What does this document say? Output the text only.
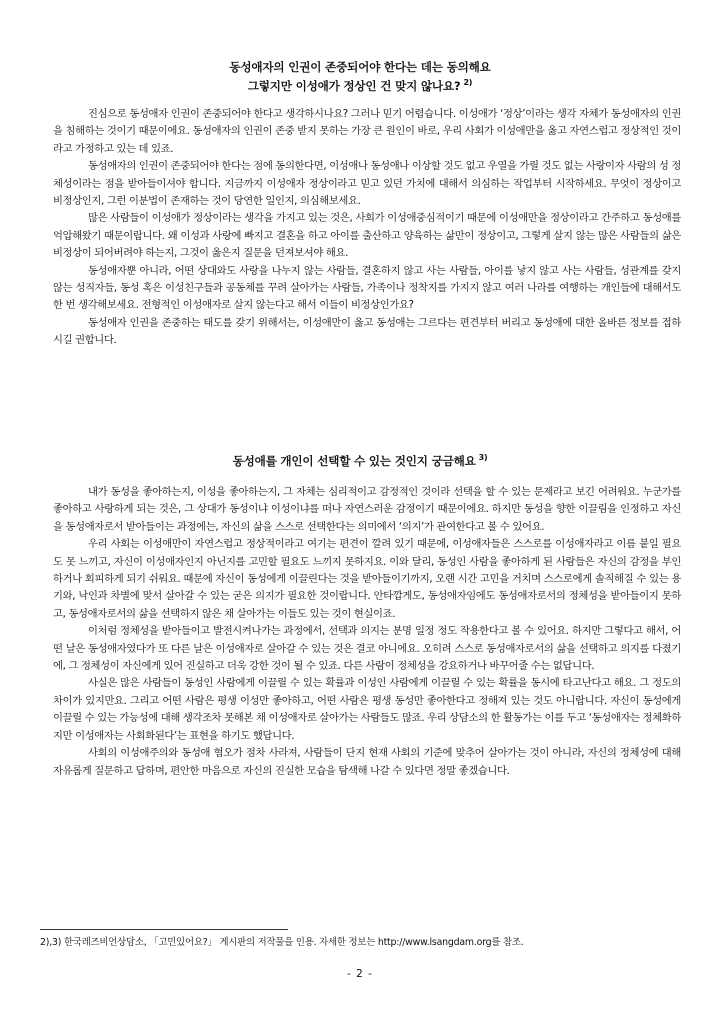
동성애자의 인권이 존중되어야 한다는 데는 동의해요
그렇지만 이성애가 정상인 건 맞지 않나요? $^{2)}$

진심으로 동성애자 인권이 존중되어야 한다고 생각하시나요? 그러나 믿기 어렵습니다. 이성애가 ‘정상’이라는 생각 자체가 동성애자의 인권을 침해하는 것이기 때문이에요. 동성애자의 인권이 존중 받지 못하는 가장 큰 원인이 바로, 우리 사회가 이성애만을 옳고 자연스럽고 정상적인 것이라고 가정하고 있는 데 있죠.

동성애자의 인권이 존중되어야 한다는 점에 동의한다면, 이성애나 동성애나 이상할 것도 없고 우열을 가릴 것도 없는 사랑이자 사람의 성 정체성이라는 점을 받아들이셔야 합니다. 지금까지 이성애자 정상이라고 믿고 있던 가치에 대해서 의심하는 작업부터 시작하세요. 무엇이 정상이고 비정상인지, 그런 이분법이 존재하는 것이 당연한 일인지, 의심해보세요.

많은 사람들이 이성애가 정상이라는 생각을 가지고 있는 것은, 사회가 이성애중심적이기 때문에 이성애만을 정상이라고 간주하고 동성애를 억압해왔기 때문이랍니다. 왜 이성과 사랑에 빠지고 결혼을 하고 아이를 출산하고 양육하는 삶만이 정상이고, 그렇게 살지 않는 많은 사람들의 삶은 비정상이 되어버려야 하는지, 그것이 옳은지 질문을 던져보셔야 해요.

동성애자뿐 아니라, 어떤 상대와도 사랑을 나누지 않는 사람들, 결혼하지 않고 사는 사람들, 아이를 낳지 않고 사는 사람들, 성관계를 갖지 않는 성직자들, 동성 혹은 이성친구들과 공동체를 꾸려 살아가는 사람들, 가족이나 정착지를 가지지 않고 여러 나라를 여행하는 개인들에 대해서도 한 번 생각해보세요. 전형적인 이성애자로 살지 않는다고 해서 이들이 비정상인가요?

동성애자 인권을 존중하는 태도를 갖기 위해서는, 이성애만이 옳고 동성애는 그르다는 편견부터 버리고 동성애에 대한 올바른 정보를 접하시길 권합니다.

동성애를 개인이 선택할 수 있는 것인지 궁금해요 $^{3)}$

내가 동성을 좋아하는지, 이성을 좋아하는지, 그 자체는 심리적이고 감정적인 것이라 선택을 할 수 있는 문제라고 보긴 어려워요. 누군가를 좋아하고 사랑하게 되는 것은, 그 상대가 동성이냐 이성이냐를 떠나 자연스러운 감정이기 때문이에요. 하지만 동성을 향한 이끌림을 인정하고 자신을 동성애자로서 받아들이는 과정에는, 자신의 삶을 스스로 선택한다는 의미에서 ‘의지’가 관여한다고 볼 수 있어요.

우리 사회는 이성애만이 자연스럽고 정상적이라고 여기는 편견이 깔려 있기 때문에, 이성애자들은 스스로를 이성애자라고 이름 붙일 필요도 못 느끼고, 자신이 이성애자인지 아닌지를 고민할 필요도 느끼지 못하지요. 이와 달리, 동성인 사람을 좋아하게 된 사람들은 자신의 감정을 부인하거나 회피하게 되기 쉬워요. 때문에 자신이 동성에게 이끌린다는 것을 받아들이기까지, 오랜 시간 고민을 거치며 스스로에게 솔직해질 수 있는 용기와, 낙인과 차별에 맞서 살아갈 수 있는 굳은 의지가 필요한 것이랍니다. 안타깝게도, 동성애자임에도 동성애자로서의 정체성을 받아들이지 못하고, 동성애자로서의 삶을 선택하지 않은 채 살아가는 이들도 있는 것이 현실이죠.

이처럼 정체성을 받아들이고 발전시켜나가는 과정에서, 선택과 의지는 분명 일정 정도 작용한다고 볼 수 있어요. 하지만 그렇다고 해서, 어떤 날은 동성애자였다가 또 다른 날은 이성애자로 살아갈 수 있는 것은 결코 아니에요. 오히려 스스로 동성애자로서의 삶을 선택하고 의지를 다졌기에, 그 정체성이 자신에게 있어 진실하고 더욱 강한 것이 될 수 있죠. 다른 사람이 정체성을 강요하거나 바꾸어줄 수는 없답니다.

사실은 많은 사람들이 동성인 사람에게 이끌릴 수 있는 확률과 이성인 사람에게 이끌릴 수 있는 확률을 동시에 타고난다고 해요. 그 정도의 차이가 있지만요. 그리고 어떤 사람은 평생 이성만 좋아하고, 어떤 사람은 평생 동성만 좋아한다고 정해져 있는 것도 아니랍니다. 자신이 동성에게 이끌릴 수 있는 가능성에 대해 생각조차 못해본 채 이성애자로 살아가는 사람들도 많죠. 우리 상담소의 한 활동가는 이를 두고 ‘동성애자는 정체화하지만 이성애자는 사회화된다’는 표현을 하기도 했답니다.

사회의 이성애주의와 동성애 혐오가 점차 사라져, 사람들이 단지 현재 사회의 기준에 맞추어 살아가는 것이 아니라, 자신의 정체성에 대해 자유롭게 질문하고 답하며, 편안한 마음으로 자신의 진실한 모습을 탐색해 나갈 수 있다면 정말 좋겠습니다.

2),3) 한국레즈비언상담소, 「고민있어요?」 게시판의 저작물을 인용. 자세한 정보는 http://www.lsangdam.org를 참조.
- 2 -
